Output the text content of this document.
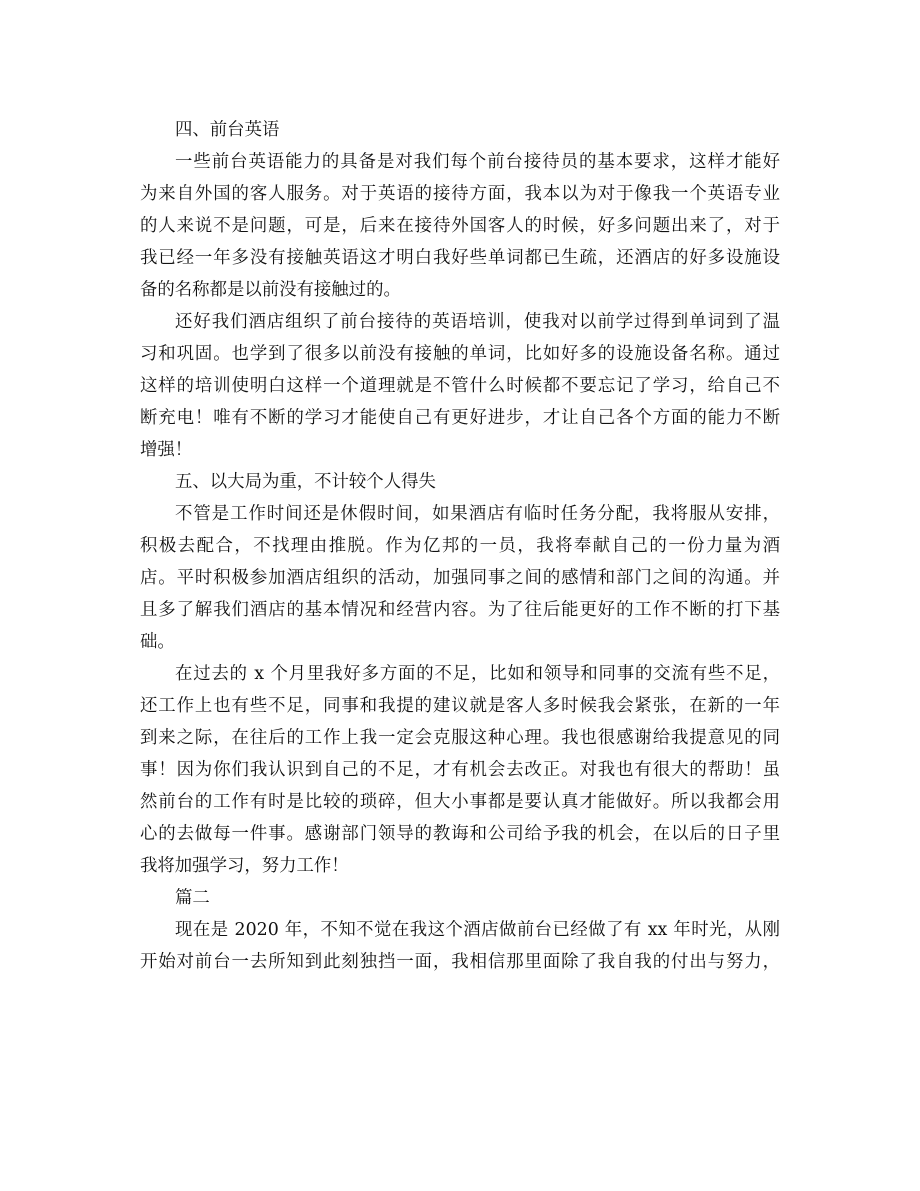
四、前台英语
一些前台英语能力的具备是对我们每个前台接待员的基本要求，这样才能好
为来自外国的客人服务。对于英语的接待方面，我本以为对于像我一个英语专业
的人来说不是问题，可是，后来在接待外国客人的时候，好多问题出来了，对于
我已经一年多没有接触英语这才明白我好些单词都已生疏，还酒店的好多设施设
备的名称都是以前没有接触过的。
还好我们酒店组织了前台接待的英语培训，使我对以前学过得到单词到了温
习和巩固。也学到了很多以前没有接触的单词，比如好多的设施设备名称。通过
这样的培训使明白这样一个道理就是不管什么时候都不要忘记了学习，给自己不
断充电！唯有不断的学习才能使自己有更好进步，才让自己各个方面的能力不断
增强！
五、以大局为重，不计较个人得失
不管是工作时间还是休假时间，如果酒店有临时任务分配，我将服从安排，
积极去配合，不找理由推脱。作为亿邦的一员，我将奉献自己的一份力量为酒
店。平时积极参加酒店组织的活动，加强同事之间的感情和部门之间的沟通。并
且多了解我们酒店的基本情况和经营内容。为了往后能更好的工作不断的打下基
础。
在过去的 x 个月里我好多方面的不足，比如和领导和同事的交流有些不足，
还工作上也有些不足，同事和我提的建议就是客人多时候我会紧张，在新的一年
到来之际，在往后的工作上我一定会克服这种心理。我也很感谢给我提意见的同
事！因为你们我认识到自己的不足，才有机会去改正。对我也有很大的帮助！虽
然前台的工作有时是比较的琐碎，但大小事都是要认真才能做好。所以我都会用
心的去做每一件事。感谢部门领导的教诲和公司给予我的机会，在以后的日子里
我将加强学习，努力工作！
篇二
现在是 2020 年，不知不觉在我这个酒店做前台已经做了有 xx 年时光，从刚
开始对前台一去所知到此刻独挡一面，我相信那里面除了我自我的付出与努力，
